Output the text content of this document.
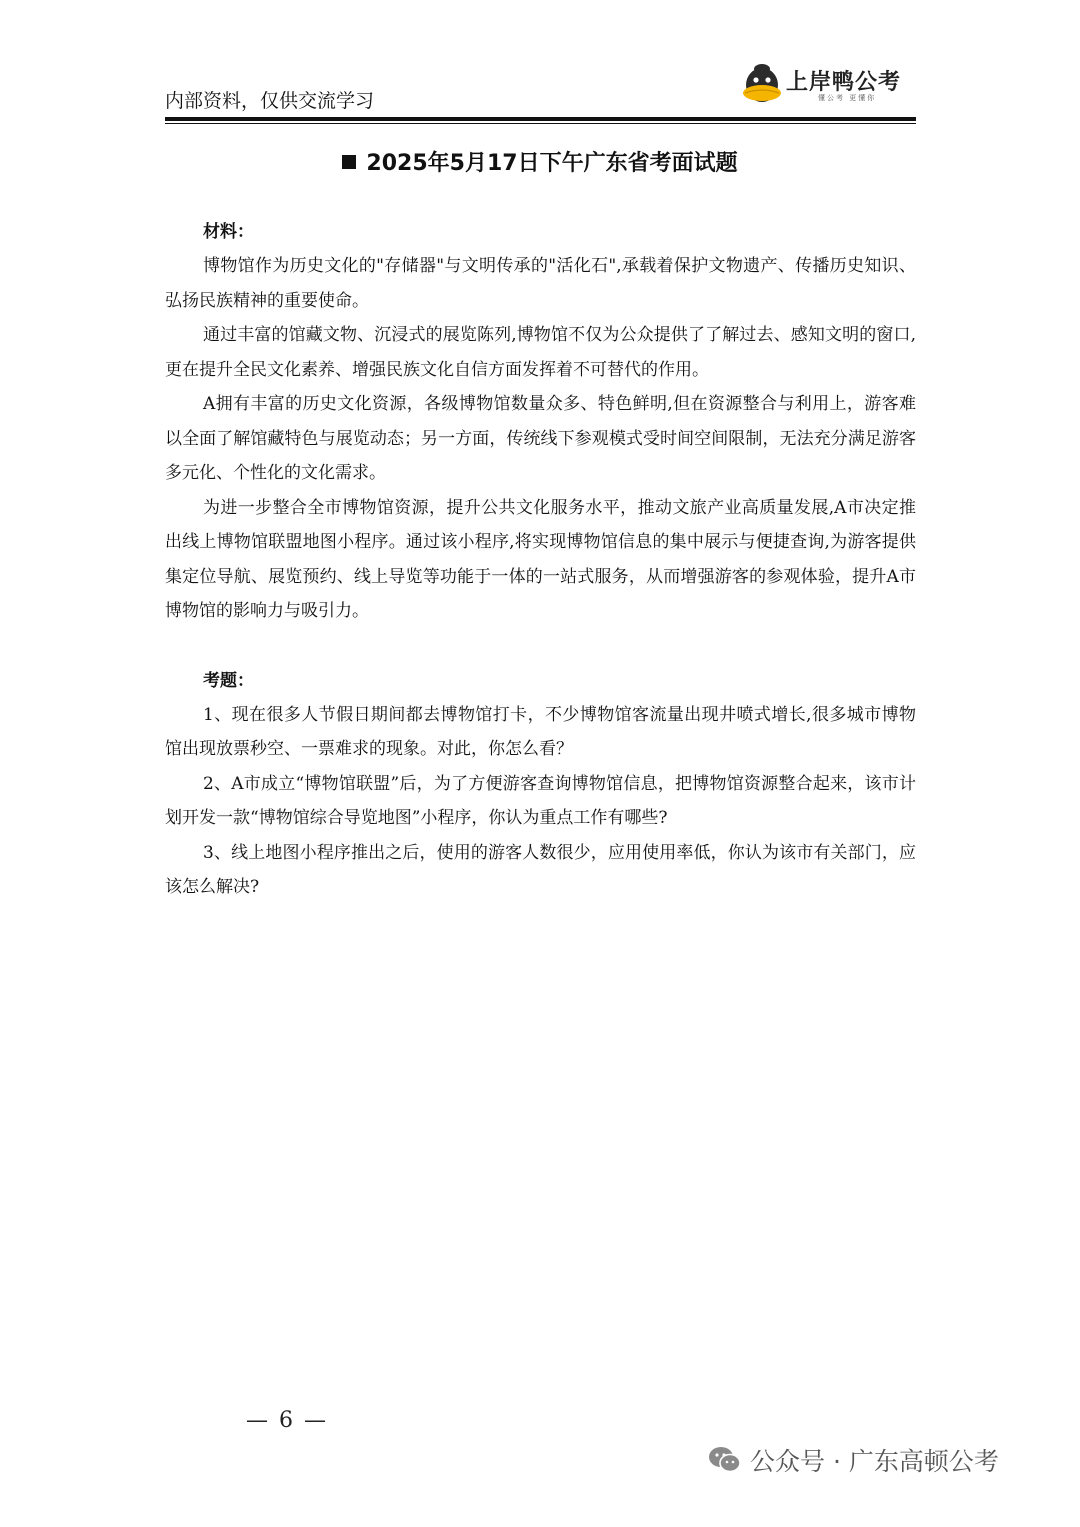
内部资料，仅供交流学习
上岸鸭公考
懂公考 更懂你
2025年5月17日下午广东省考面试题
材料：

博物馆作为历史文化的"存储器"与文明传承的"活化石",承载着保护文物遗产、传播历史知识、弘扬民族精神的重要使命。

通过丰富的馆藏文物、沉浸式的展览陈列,博物馆不仅为公众提供了了解过去、感知文明的窗口,更在提升全民文化素养、增强民族文化自信方面发挥着不可替代的作用。

A拥有丰富的历史文化资源，各级博物馆数量众多、特色鲜明,但在资源整合与利用上，游客难以全面了解馆藏特色与展览动态；另一方面，传统线下参观模式受时间空间限制，无法充分满足游客多元化、个性化的文化需求。

为进一步整合全市博物馆资源，提升公共文化服务水平，推动文旅产业高质量发展,A市决定推出线上博物馆联盟地图小程序。通过该小程序,将实现博物馆信息的集中展示与便捷查询,为游客提供集定位导航、展览预约、线上导览等功能于一体的一站式服务，从而增强游客的参观体验，提升A市博物馆的影响力与吸引力。

考题：

1、现在很多人节假日期间都去博物馆打卡，不少博物馆客流量出现井喷式增长,很多城市博物馆出现放票秒空、一票难求的现象。对此，你怎么看？

2、A市成立“博物馆联盟”后，为了方便游客查询博物馆信息，把博物馆资源整合起来，该市计划开发一款“博物馆综合导览地图”小程序，你认为重点工作有哪些?

3、线上地图小程序推出之后，使用的游客人数很少，应用使用率低，你认为该市有关部门，应该怎么解决?

— 6 —
公众号 · 广东高顿公考
